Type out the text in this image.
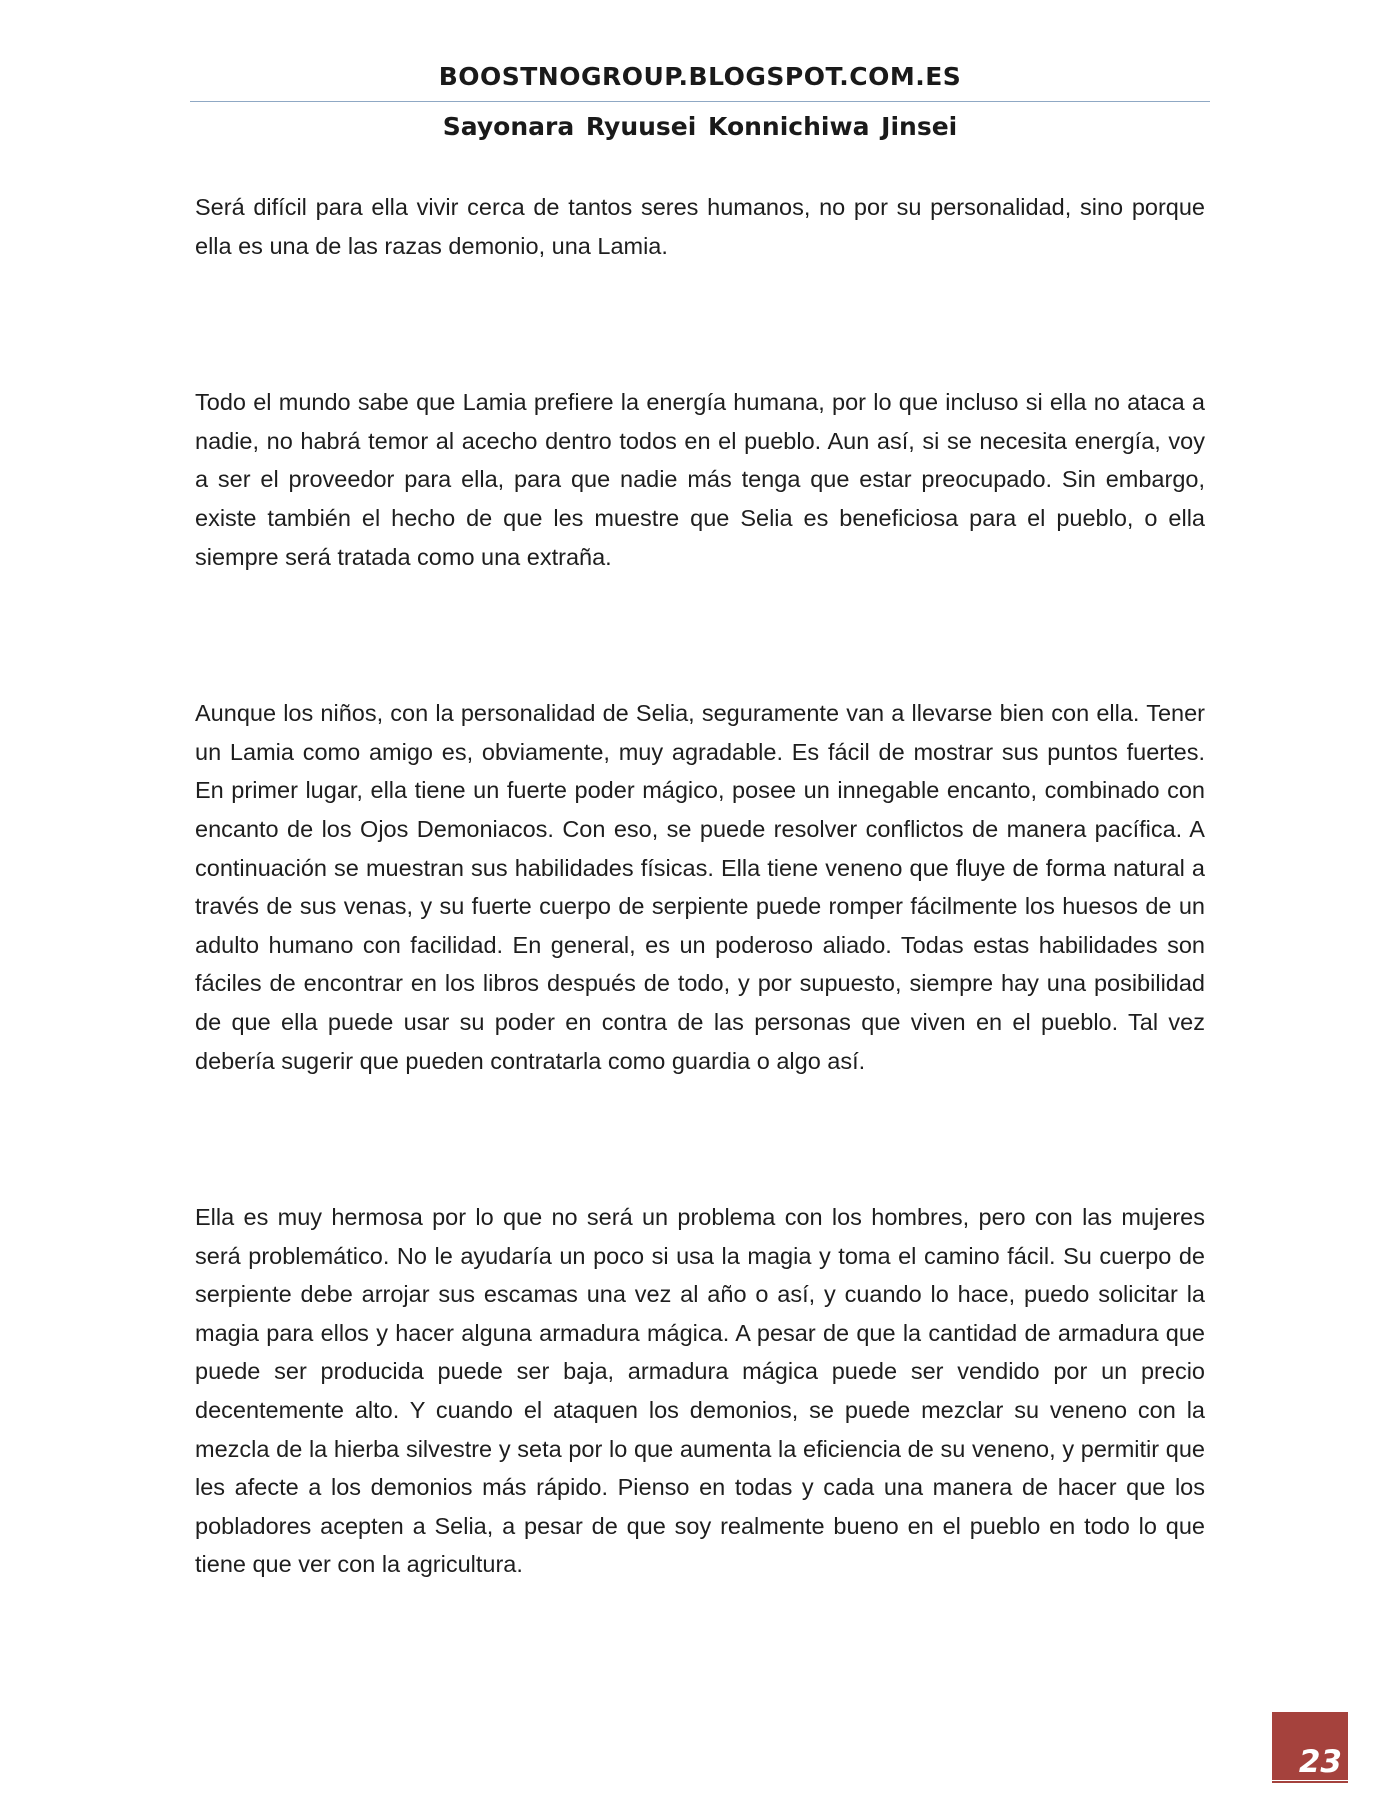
BOOSTNOGROUP.BLOGSPOT.COM.ES
Sayonara Ryuusei Konnichiwa Jinsei

Será difícil para ella vivir cerca de tantos seres humanos, no por su personalidad, sino porque ella es una de las razas demonio, una Lamia.

Todo el mundo sabe que Lamia prefiere la energía humana, por lo que incluso si ella no ataca a nadie, no habrá temor al acecho dentro todos en el pueblo. Aun así, si se necesita energía, voy a ser el proveedor para ella, para que nadie más tenga que estar preocupado. Sin embargo, existe también el hecho de que les muestre que Selia es beneficiosa para el pueblo, o ella siempre será tratada como una extraña.

Aunque los niños, con la personalidad de Selia, seguramente van a llevarse bien con ella. Tener un Lamia como amigo es, obviamente, muy agradable. Es fácil de mostrar sus puntos fuertes. En primer lugar, ella tiene un fuerte poder mágico, posee un innegable encanto, combinado con encanto de los Ojos Demoniacos. Con eso, se puede resolver conflictos de manera pacífica. A continuación se muestran sus habilidades físicas. Ella tiene veneno que fluye de forma natural a través de sus venas, y su fuerte cuerpo de serpiente puede romper fácilmente los huesos de un adulto humano con facilidad. En general, es un poderoso aliado. Todas estas habilidades son fáciles de encontrar en los libros después de todo, y por supuesto, siempre hay una posibilidad de que ella puede usar su poder en contra de las personas que viven en el pueblo. Tal vez debería sugerir que pueden contratarla como guardia o algo así.

Ella es muy hermosa por lo que no será un problema con los hombres, pero con las mujeres será problemático. No le ayudaría un poco si usa la magia y toma el camino fácil. Su cuerpo de serpiente debe arrojar sus escamas una vez al año o así, y cuando lo hace, puedo solicitar la magia para ellos y hacer alguna armadura mágica. A pesar de que la cantidad de armadura que puede ser producida puede ser baja, armadura mágica puede ser vendido por un precio decentemente alto. Y cuando el ataquen los demonios, se puede mezclar su veneno con la mezcla de la hierba silvestre y seta por lo que aumenta la eficiencia de su veneno, y permitir que les afecte a los demonios más rápido. Pienso en todas y cada una manera de hacer que los pobladores acepten a Selia, a pesar de que soy realmente bueno en el pueblo en todo lo que tiene que ver con la agricultura.

23
